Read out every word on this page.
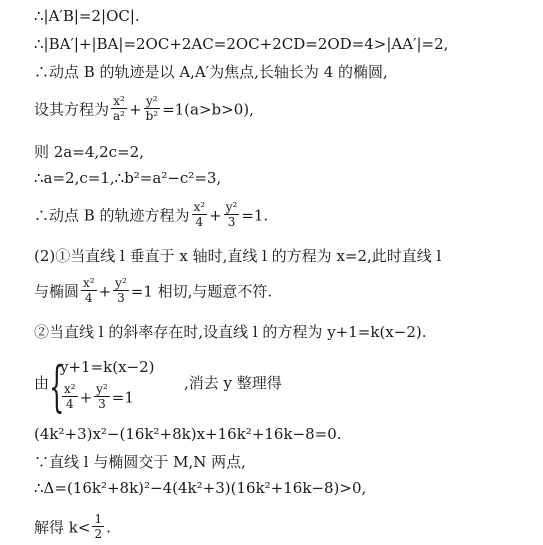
∴|A′B|=2|OC|.
∴|BA′|+|BA|=2OC+2AC=2OC+2CD=2OD=4>|AA′|=2,
∴动点 B 的轨迹是以 A,A′为焦点,长轴长为 4 的椭圆,
设其方程为 $\frac{\text{x²}}{\text{a²}} + \frac{\text{y²}}{\text{b²}} =1(a>b>0)$,
则 2a=4,2c=2,
∴a=2,c=1,∴b²=a²−c²=3,
∴动点 B 的轨迹方程为 $\frac{\text{x²}}{4} + \frac{\text{y²}}{3} =1$.
(2)①当直线 l 垂直于 x 轴时,直线 l 的方程为 x=2,此时直线 l
与椭圆 $\frac{\text{x²}}{4} + \frac{\text{y²}}{3} =1$ 相切,与题意不符.
②当直线 l 的斜率存在时,设直线 l 的方程为 y+1=k(x−2).
由 {
y+1=k(x−2)
$\frac{\text{x²}}{4} + \frac{\text{y²}}{3} =1$
,消去 y 整理得
(4k²+3)x²−(16k²+8k)x+16k²+16k−8=0.
∵直线 l 与椭圆交于 M,N 两点,
∴Δ=(16k²+8k)²−4(4k²+3)(16k²+16k−8)>0,
解得 $k< \frac{1}{2}$ .
